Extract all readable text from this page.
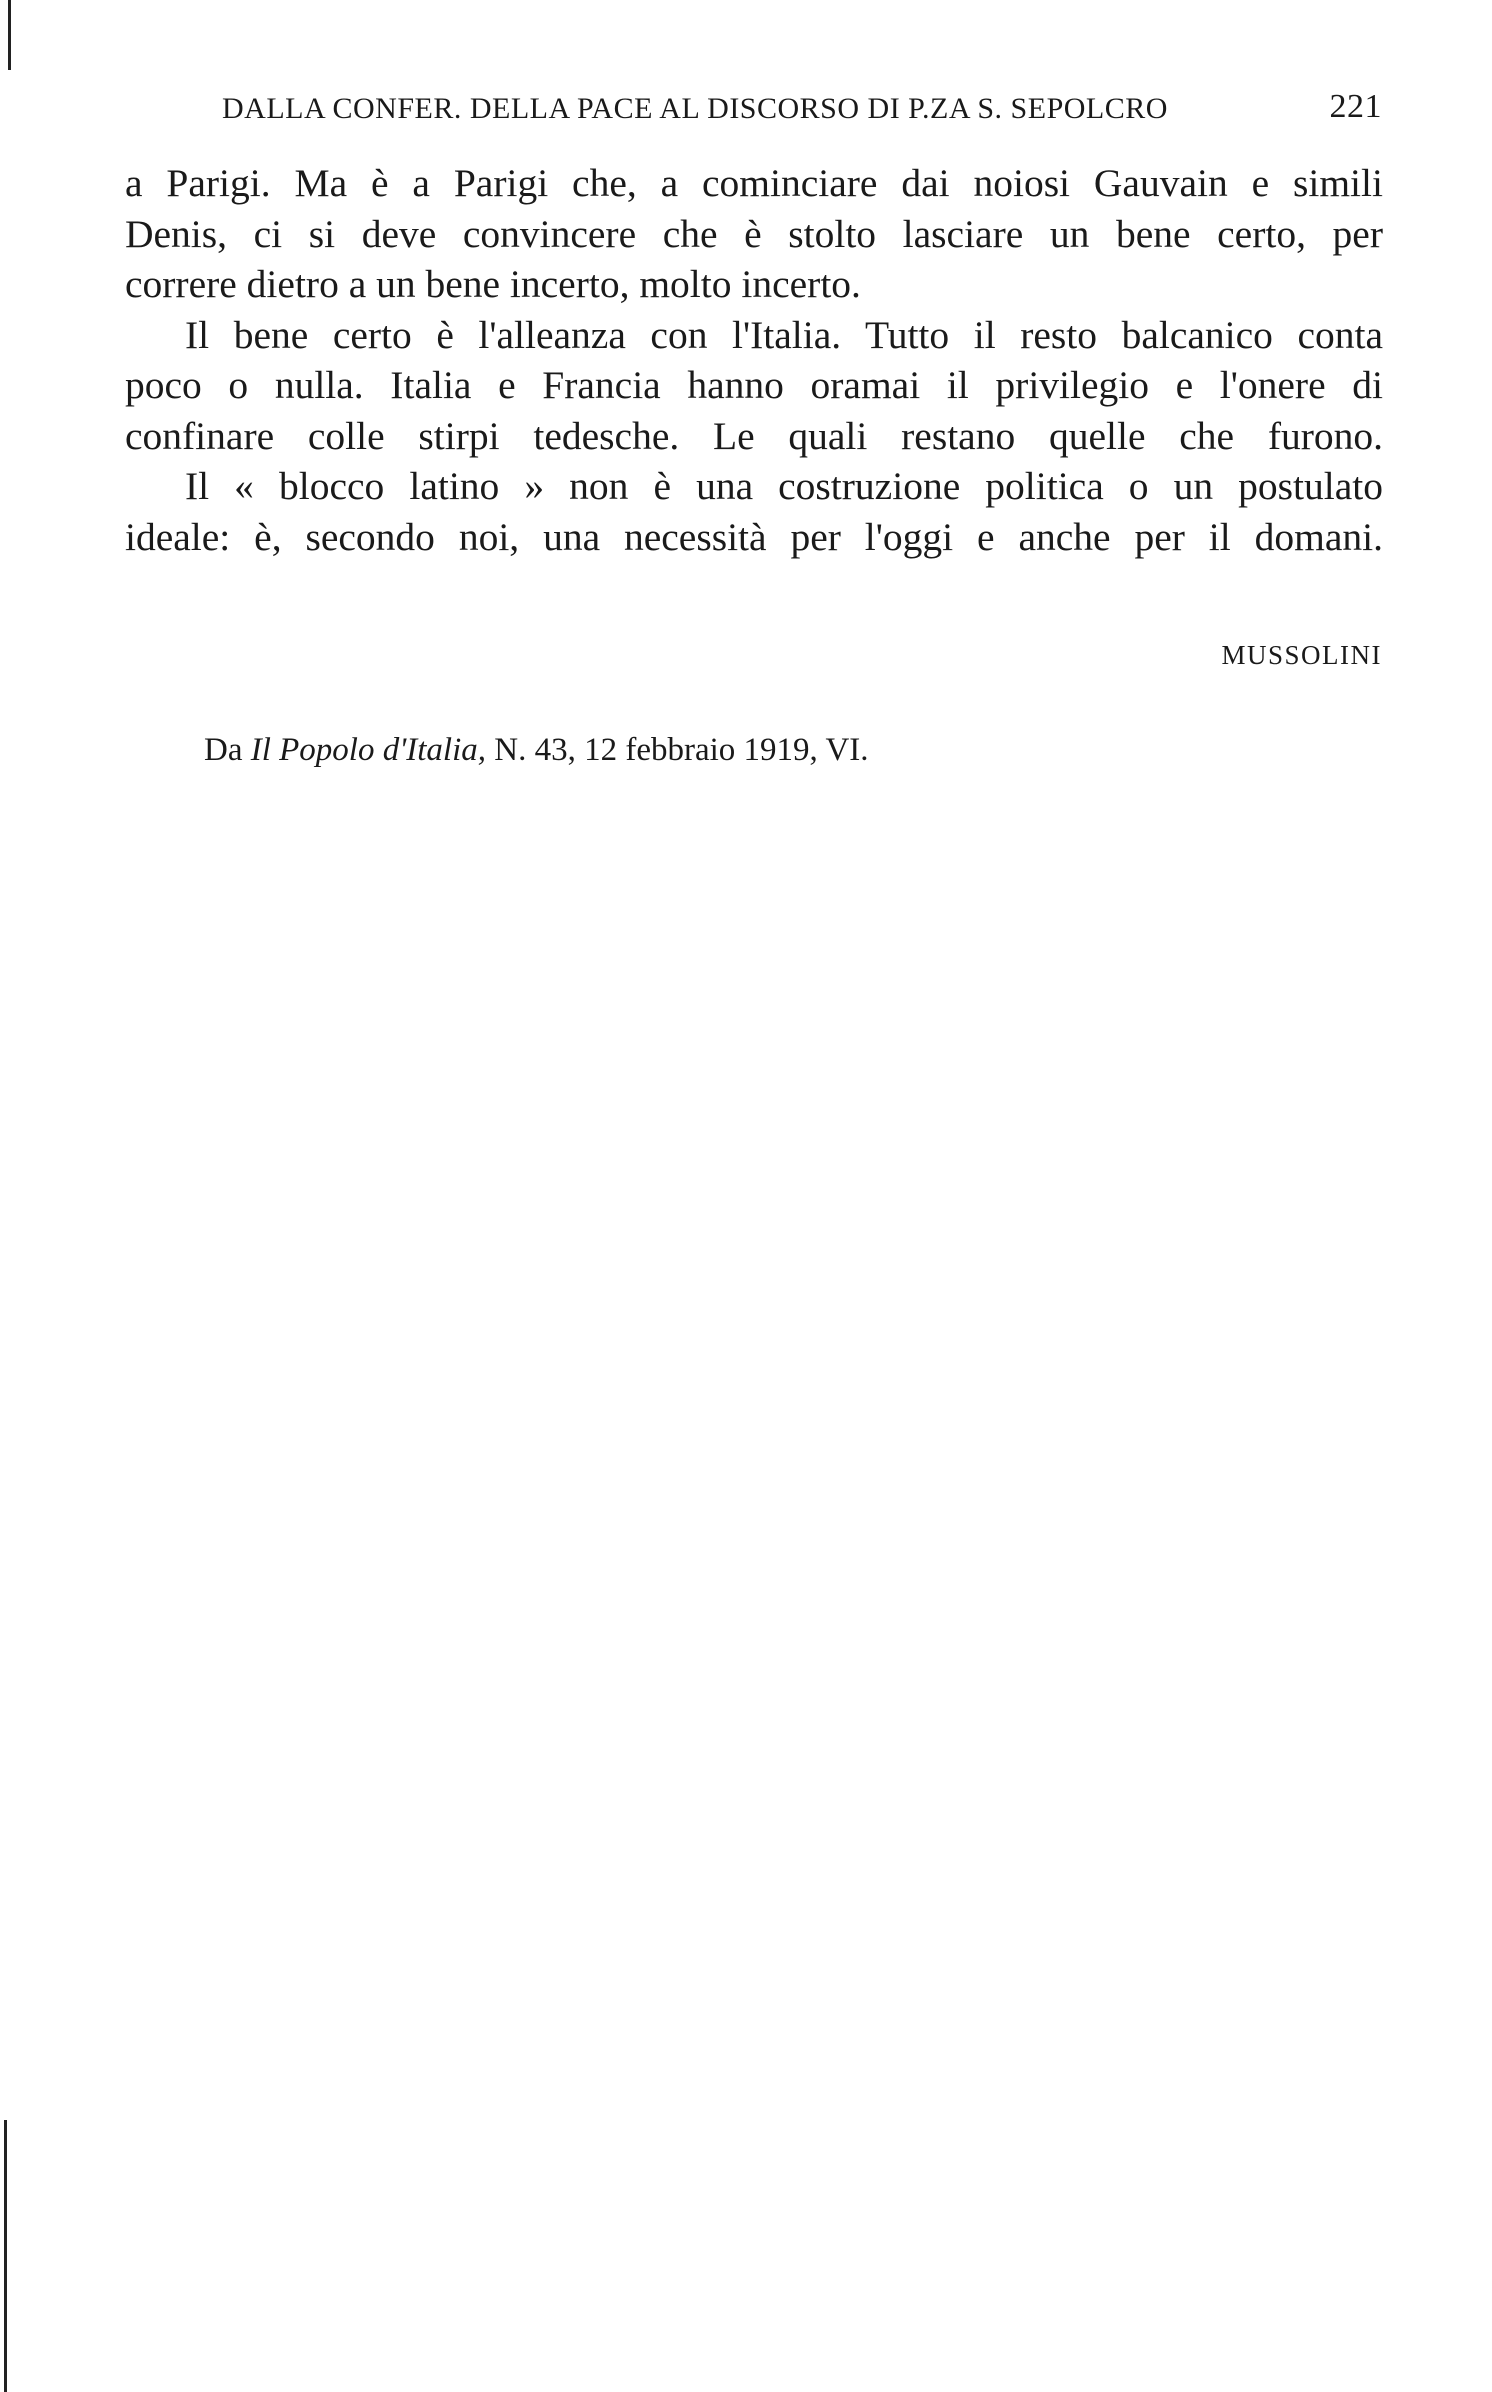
DALLA CONFER. DELLA PACE AL DISCORSO DI P.ZA S. SEPOLCRO	221
a Parigi. Ma è a Parigi che, a cominciare dai noiosi Gauvain e simili
Denis, ci si deve convincere che è stolto lasciare un bene certo, per
correre dietro a un bene incerto, molto incerto.
Il bene certo è l'alleanza con l'Italia. Tutto il resto balcanico conta
poco o nulla. Italia e Francia hanno oramai il privilegio e l'onere di
confinare colle stirpi tedesche. Le quali restano quelle che furono.
Il « blocco latino » non è una costruzione politica o un postulato
ideale: è, secondo noi, una necessità per l'oggi e anche per il domani.
MUSSOLINI
Da Il Popolo d'Italia, N. 43, 12 febbraio 1919, VI.
